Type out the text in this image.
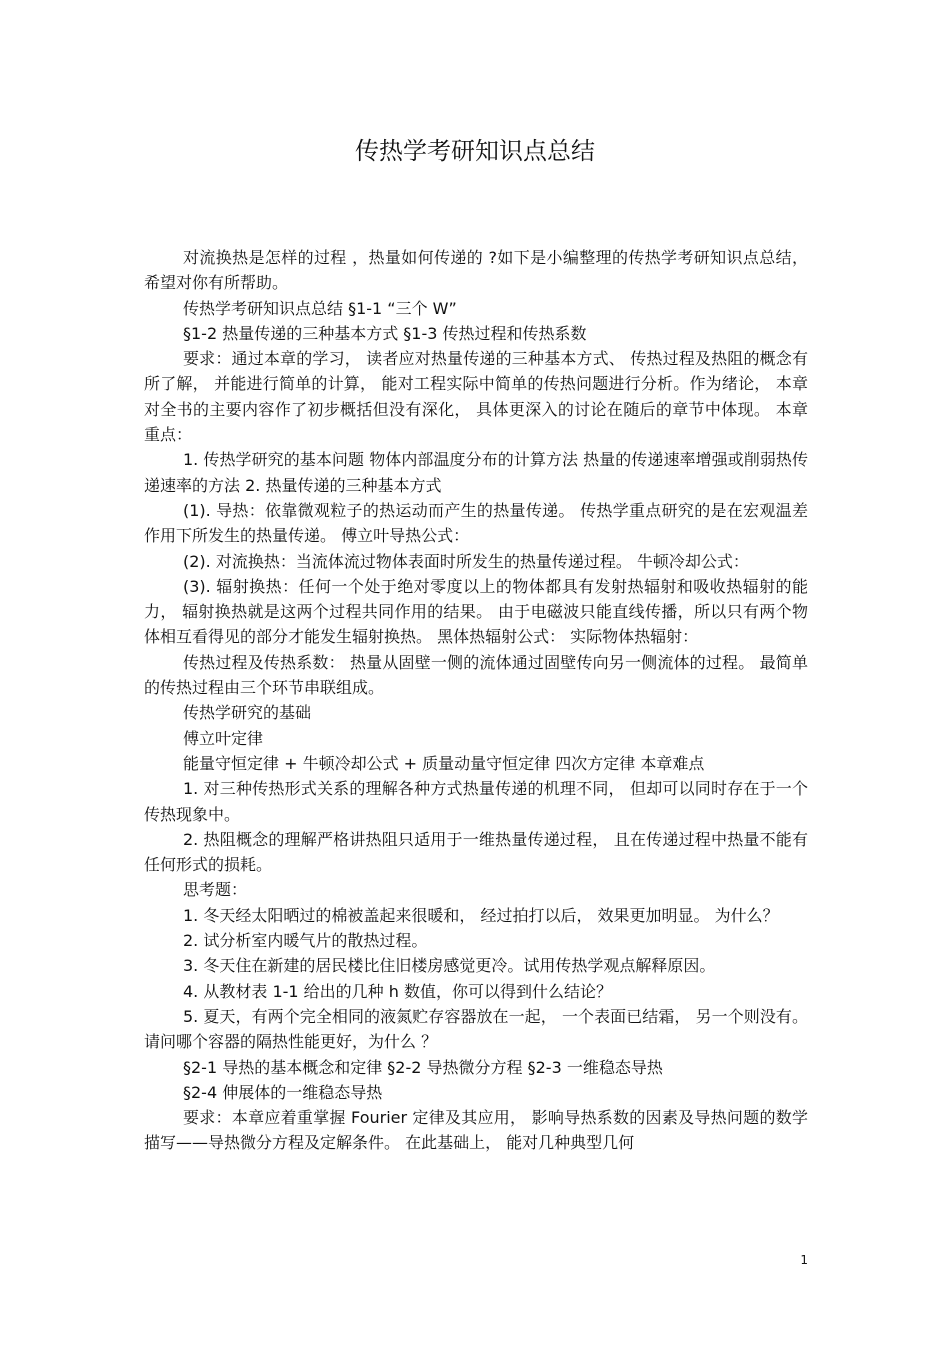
传热学考研知识点总结

对流换热是怎样的过程 ，热量如何传递的 ?如下是小编整理的传热学考研知识点总结，希望对你有所帮助。

传热学考研知识点总结 §1-1 “三个 W”

§1-2 热量传递的三种基本方式 §1-3 传热过程和传热系数

要求：通过本章的学习， 读者应对热量传递的三种基本方式、 传热过程及热阻的概念有所了解， 并能进行简单的计算， 能对工程实际中简单的传热问题进行分析。作为绪论， 本章对全书的主要内容作了初步概括但没有深化， 具体更深入的讨论在随后的章节中体现。 本章重点：

1. 传热学研究的基本问题 物体内部温度分布的计算方法 热量的传递速率增强或削弱热传递速率的方法 2. 热量传递的三种基本方式

(1). 导热：依靠微观粒子的热运动而产生的热量传递。 传热学重点研究的是在宏观温差作用下所发生的热量传递。 傅立叶导热公式：

(2). 对流换热：当流体流过物体表面时所发生的热量传递过程。 牛顿冷却公式：

(3). 辐射换热：任何一个处于绝对零度以上的物体都具有发射热辐射和吸收热辐射的能力， 辐射换热就是这两个过程共同作用的结果。 由于电磁波只能直线传播，所以只有两个物体相互看得见的部分才能发生辐射换热。 黑体热辐射公式： 实际物体热辐射：

传热过程及传热系数： 热量从固壁一侧的流体通过固壁传向另一侧流体的过程。 最简单的传热过程由三个环节串联组成。

传热学研究的基础

傅立叶定律

能量守恒定律 + 牛顿冷却公式 + 质量动量守恒定律 四次方定律 本章难点

1. 对三种传热形式关系的理解各种方式热量传递的机理不同， 但却可以同时存在于一个传热现象中。

2. 热阻概念的理解严格讲热阻只适用于一维热量传递过程， 且在传递过程中热量不能有任何形式的损耗。

思考题：

1. 冬天经太阳晒过的棉被盖起来很暖和， 经过拍打以后， 效果更加明显。 为什么？

2. 试分析室内暖气片的散热过程。

3. 冬天住在新建的居民楼比住旧楼房感觉更冷。试用传热学观点解释原因。

4. 从教材表 1-1 给出的几种 h 数值，你可以得到什么结论？

5. 夏天，有两个完全相同的液氮贮存容器放在一起， 一个表面已结霜， 另一个则没有。请问哪个容器的隔热性能更好，为什么 ？

§2-1 导热的基本概念和定律 §2-2 导热微分方程 §2-3 一维稳态导热

§2-4 伸展体的一维稳态导热

要求：本章应着重掌握 Fourier 定律及其应用， 影响导热系数的因素及导热问题的数学描写——导热微分方程及定解条件。 在此基础上， 能对几种典型几何

1
